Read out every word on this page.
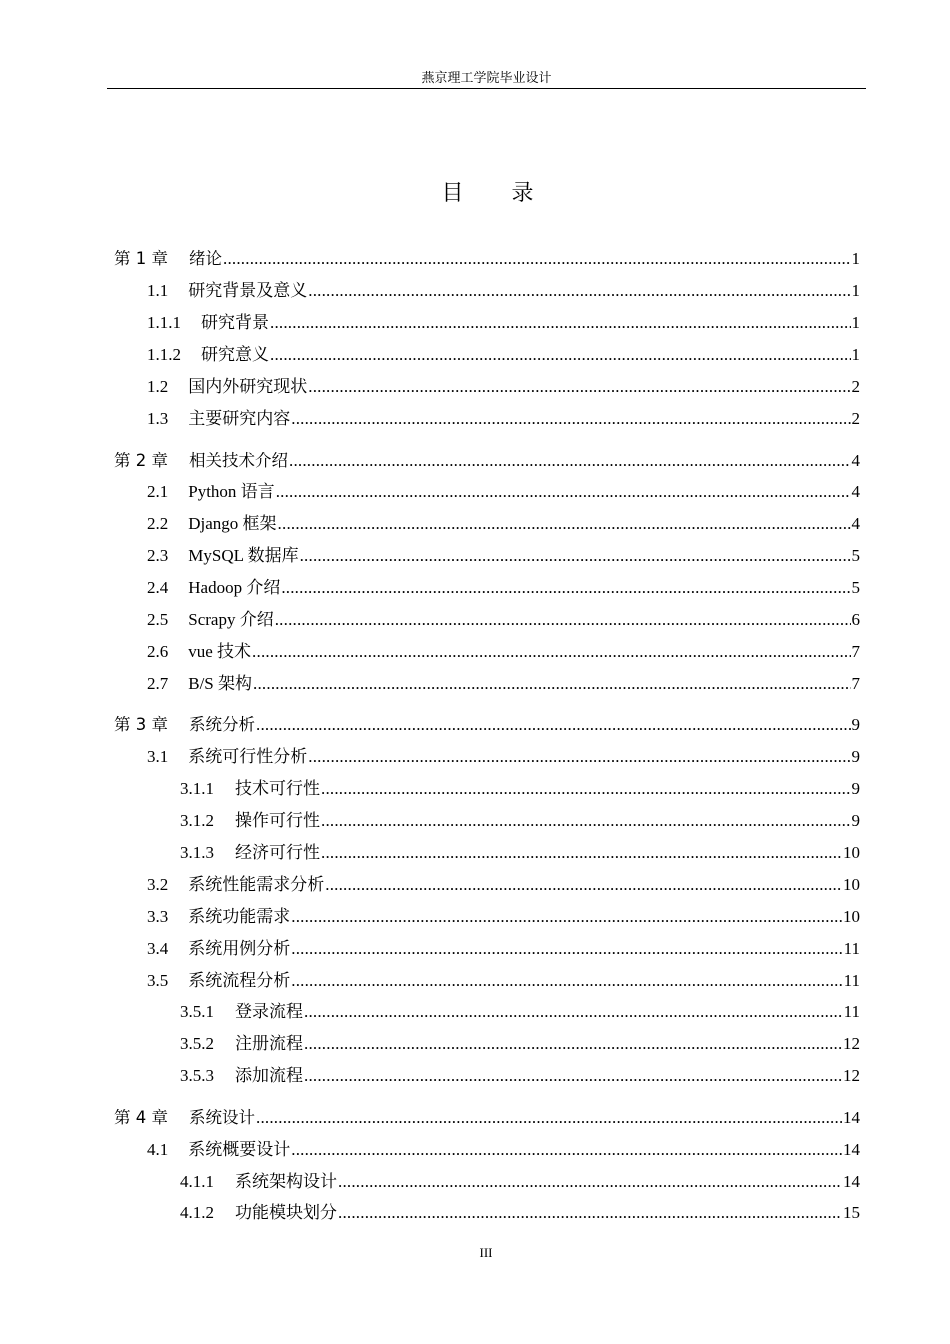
燕京理工学院毕业设计
目 录
第 1 章 绪论 .....	1
1.1 研究背景及意义 .....	1
1.1.1 研究背景 .....	1
1.1.2 研究意义 .....	1
1.2 国内外研究现状 .....	2
1.3 主要研究内容 .....	2
第 2 章 相关技术介绍 .....	4
2.1 Python 语言 .....	4
2.2 Django 框架 .....	4
2.3 MySQL 数据库 .....	5
2.4 Hadoop 介绍 .....	5
2.5 Scrapy 介绍 .....	6
2.6 vue 技术 .....	7
2.7 B/S 架构 .....	7
第 3 章 系统分析 .....	9
3.1 系统可行性分析 .....	9
3.1.1 技术可行性 .....	9
3.1.2 操作可行性 .....	9
3.1.3 经济可行性 .....	10
3.2 系统性能需求分析 .....	10
3.3 系统功能需求 .....	10
3.4 系统用例分析 .....	11
3.5 系统流程分析 .....	11
3.5.1 登录流程 .....	11
3.5.2 注册流程 .....	12
3.5.3 添加流程 .....	12
第 4 章 系统设计 .....	14
4.1 系统概要设计 .....	14
4.1.1 系统架构设计 .....	14
4.1.2 功能模块划分 .....	15
III
